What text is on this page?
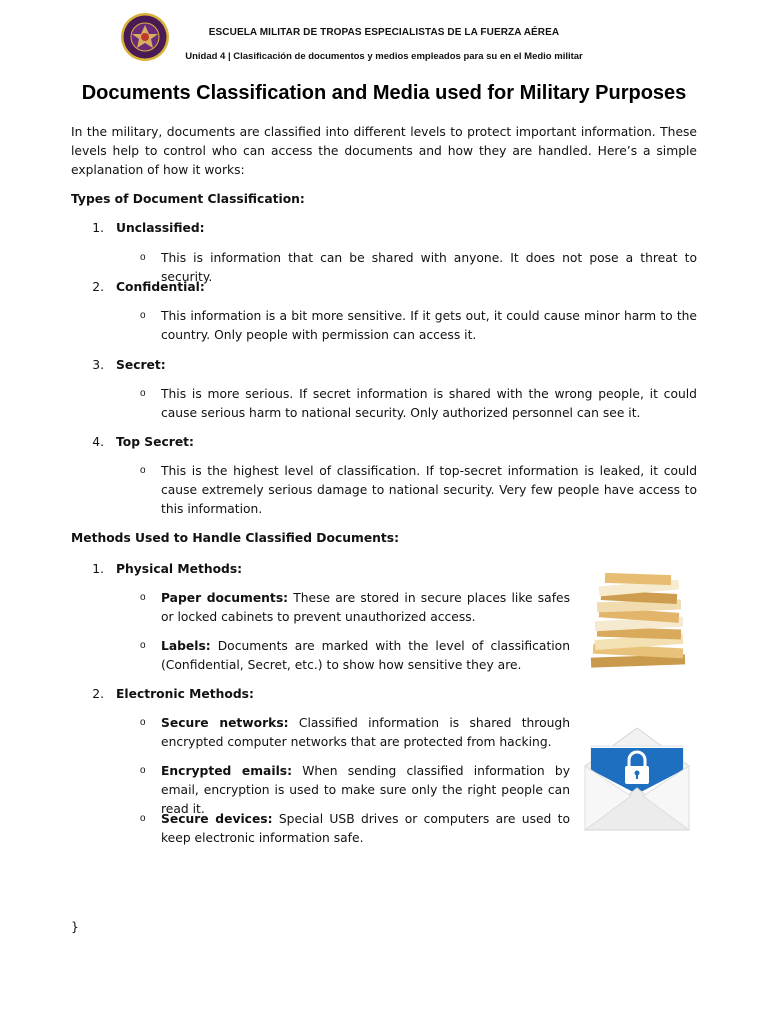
ESCUELA MILITAR DE TROPAS ESPECIALISTAS DE LA FUERZA AÉREA
Unidad 4 | Clasificación de documentos y medios empleados para su en el Medio militar
Documents Classification and Media used for Military Purposes
In the military, documents are classified into different levels to protect important information. These levels help to control who can access the documents and how they are handled. Here’s a simple explanation of how it works:
Types of Document Classification:
1. Unclassified:
o This is information that can be shared with anyone. It does not pose a threat to security.
2. Confidential:
o This information is a bit more sensitive. If it gets out, it could cause minor harm to the country. Only people with permission can access it.
3. Secret:
o This is more serious. If secret information is shared with the wrong people, it could cause serious harm to national security. Only authorized personnel can see it.
4. Top Secret:
o This is the highest level of classification. If top-secret information is leaked, it could cause extremely serious damage to national security. Very few people have access to this information.
Methods Used to Handle Classified Documents:
1. Physical Methods:
o Paper documents: These are stored in secure places like safes or locked cabinets to prevent unauthorized access.
o Labels: Documents are marked with the level of classification (Confidential, Secret, etc.) to show how sensitive they are.
2. Electronic Methods:
o Secure networks: Classified information is shared through encrypted computer networks that are protected from hacking.
o Encrypted emails: When sending classified information by email, encryption is used to make sure only the right people can read it.
o Secure devices: Special USB drives or computers are used to keep electronic information safe.
}
